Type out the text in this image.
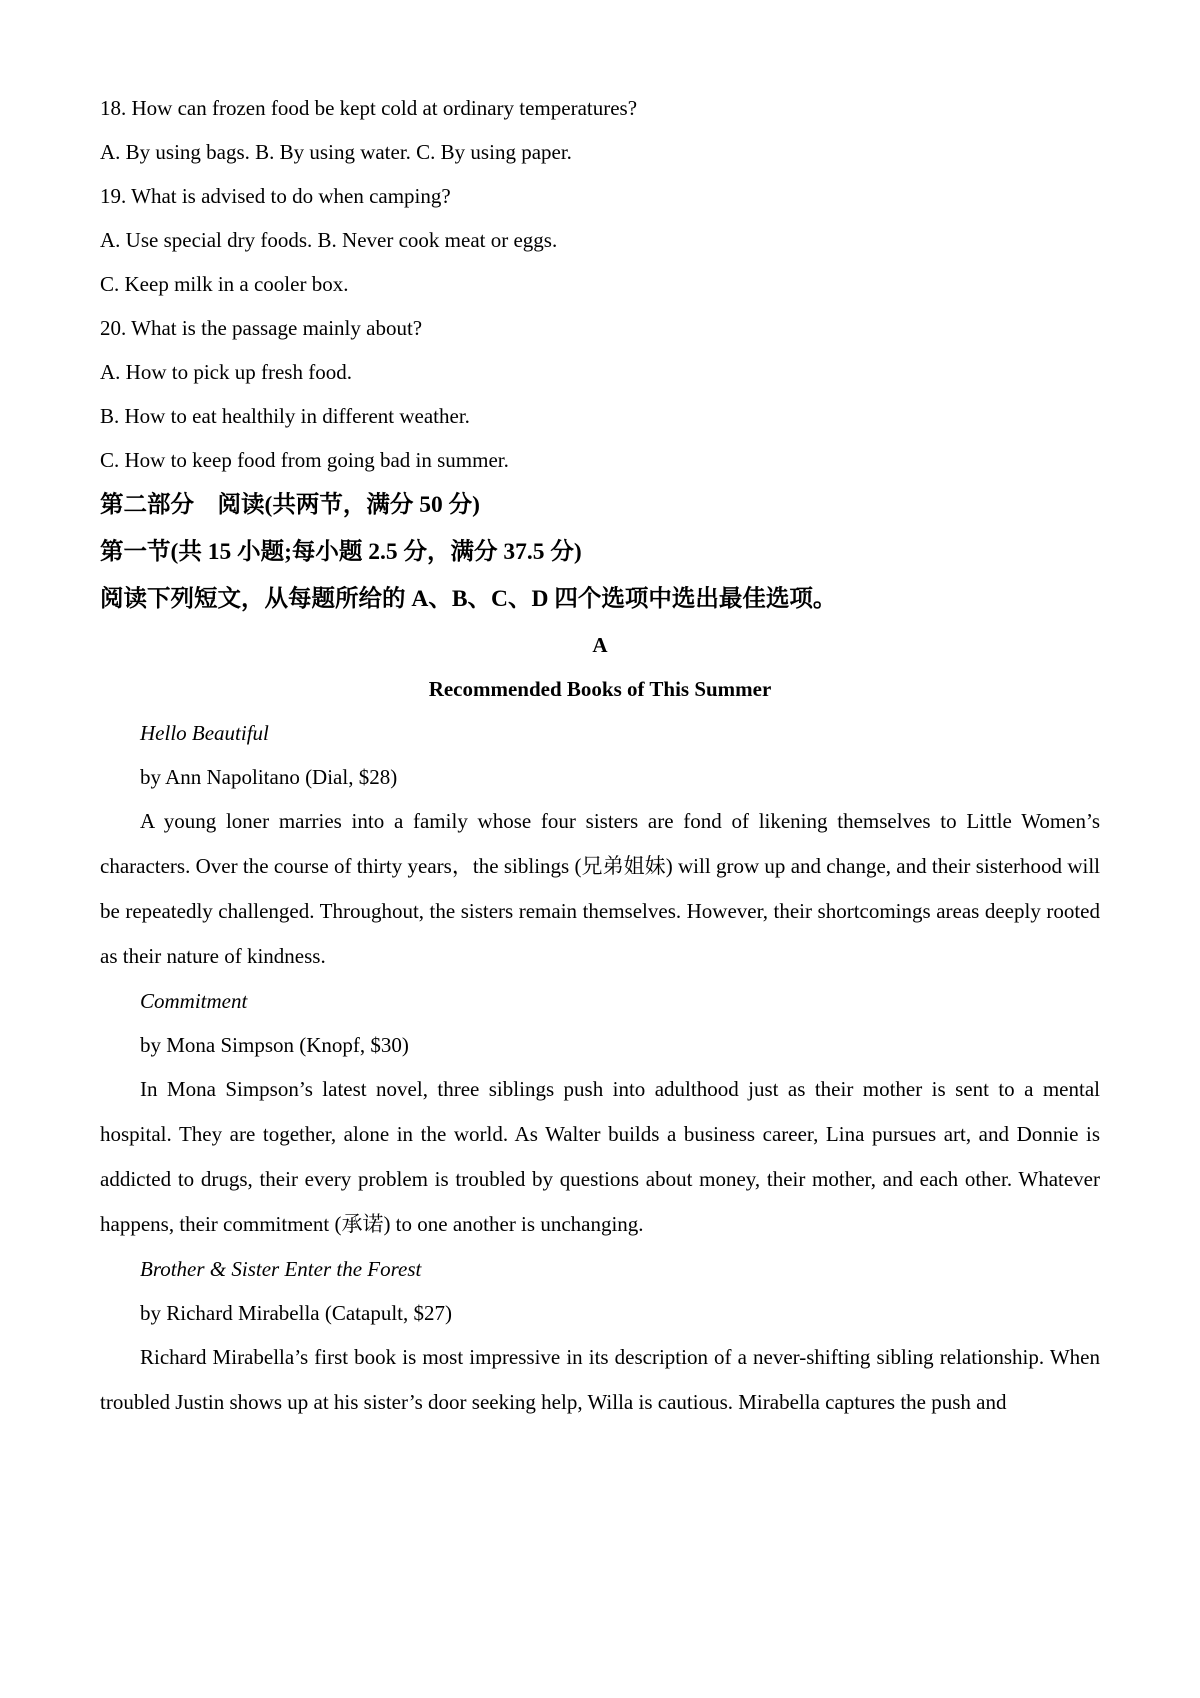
18. How can frozen food be kept cold at ordinary temperatures?

A. By using bags. B. By using water. C. By using paper.

19. What is advised to do when camping?

A. Use special dry foods. B. Never cook meat or eggs.

C. Keep milk in a cooler box.

20. What is the passage mainly about?

A. How to pick up fresh food.

B. How to eat healthily in different weather.

C. How to keep food from going bad in summer.

第二部分　阅读(共两节，满分 50 分)

第一节(共 15 小题;每小题 2.5 分，满分 37.5 分)

阅读下列短文，从每题所给的 A、B、C、D 四个选项中选出最佳选项。

A

Recommended Books of This Summer

Hello Beautiful

by Ann Napolitano (Dial, $28)

A young loner marries into a family whose four sisters are fond of likening themselves to Little Women’s characters. Over the course of thirty years，the siblings (兄弟姐妹) will grow up and change, and their sisterhood will be repeatedly challenged. Throughout, the sisters remain themselves. However, their shortcomings areas deeply rooted as their nature of kindness.

Commitment

by Mona Simpson (Knopf, $30)

In Mona Simpson’s latest novel, three siblings push into adulthood just as their mother is sent to a mental hospital. They are together, alone in the world. As Walter builds a business career, Lina pursues art, and Donnie is addicted to drugs, their every problem is troubled by questions about money, their mother, and each other. Whatever happens, their commitment (承诺) to one another is unchanging.

Brother & Sister Enter the Forest

by Richard Mirabella (Catapult, $27)

Richard Mirabella’s first book is most impressive in its description of a never-shifting sibling relationship. When troubled Justin shows up at his sister’s door seeking help, Willa is cautious. Mirabella captures the push and
